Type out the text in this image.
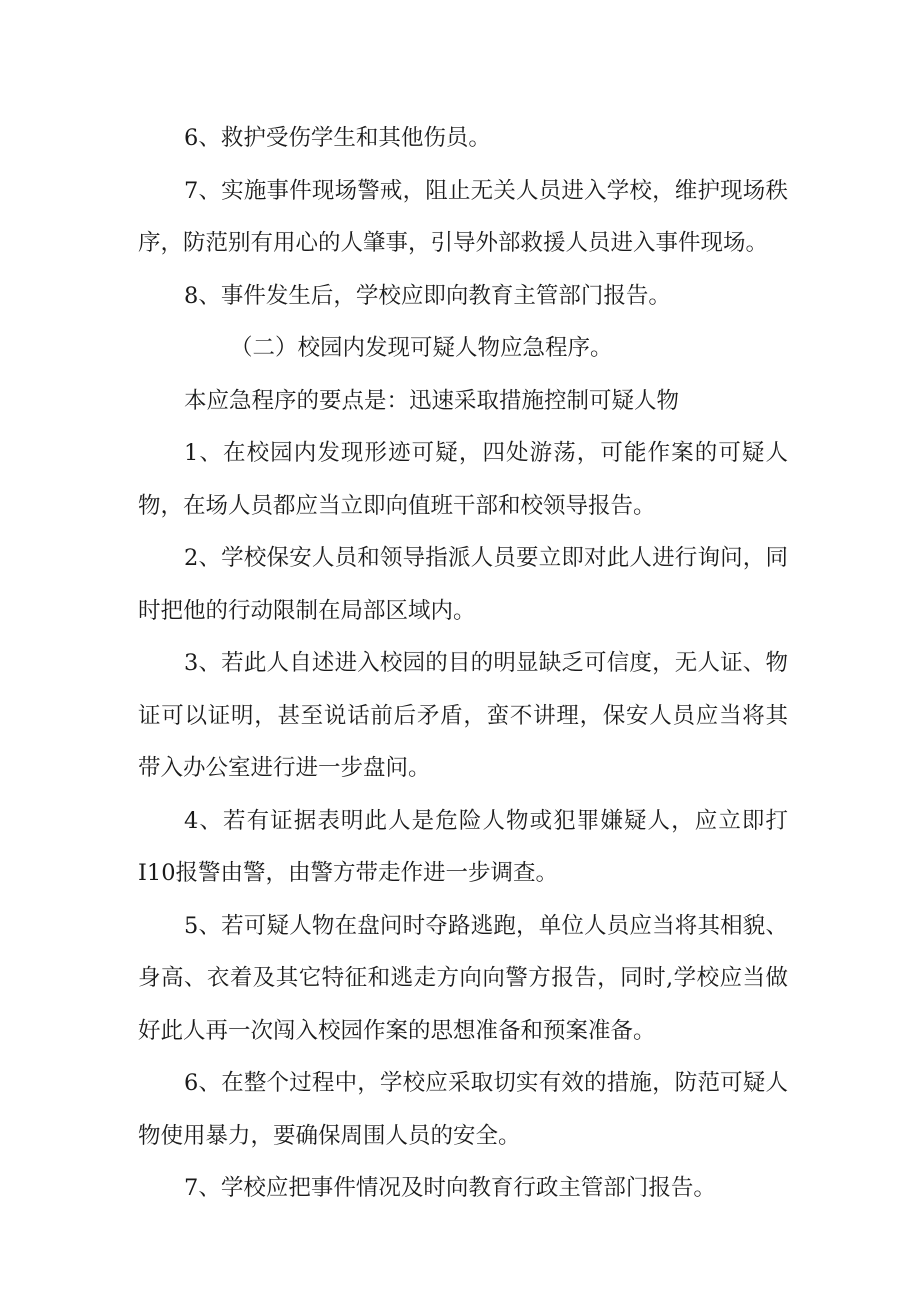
6、救护受伤学生和其他伤员。

7、实施事件现场警戒，阻止无关人员进入学校，维护现场秩序，防范别有用心的人肇事，引导外部救援人员进入事件现场。

8、事件发生后，学校应即向教育主管部门报告。

（二）校园内发现可疑人物应急程序。

本应急程序的要点是：迅速采取措施控制可疑人物

1、在校园内发现形迹可疑，四处游荡，可能作案的可疑人物，在场人员都应当立即向值班干部和校领导报告。

2、学校保安人员和领导指派人员要立即对此人进行询问，同时把他的行动限制在局部区域内。

3、若此人自述进入校园的目的明显缺乏可信度，无人证、物证可以证明，甚至说话前后矛盾，蛮不讲理，保安人员应当将其带入办公室进行进一步盘问。

4、若有证据表明此人是危险人物或犯罪嫌疑人，应立即打I10报警由警，由警方带走作进一步调查。

5、若可疑人物在盘问时夺路逃跑，单位人员应当将其相貌、身高、衣着及其它特征和逃走方向向警方报告，同时,学校应当做好此人再一次闯入校园作案的思想准备和预案准备。

6、在整个过程中，学校应采取切实有效的措施，防范可疑人物使用暴力，要确保周围人员的安全。

7、学校应把事件情况及时向教育行政主管部门报告。
